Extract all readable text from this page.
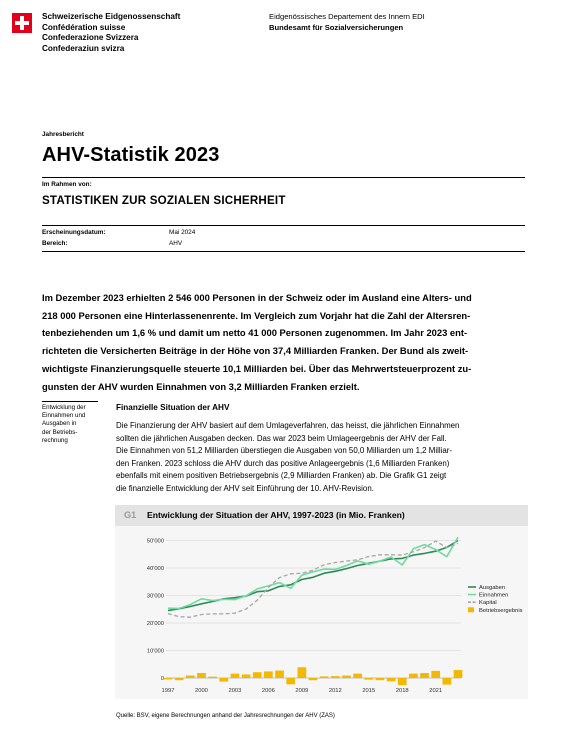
Schweizerische Eidgenossenschaft
Confédération suisse
Confederazione Svizzera
Confederaziun svizra
Eidgenössisches Departement des Innern EDI
Bundesamt für Sozialversicherungen
Jahresbericht
AHV-Statistik 2023
Im Rahmen von:
STATISTIKEN ZUR SOZIALEN SICHERHEIT
Erscheinungsdatum:	Mai 2024
Bereich:	AHV
Im Dezember 2023 erhielten 2 546 000 Personen in der Schweiz oder im Ausland eine Alters- und
218 000 Personen eine Hinterlassenenrente. Im Vergleich zum Vorjahr hat die Zahl der Altersren-
tenbeziehenden um 1,6 % und damit um netto 41 000 Personen zugenommen. Im Jahr 2023 ent-
richteten die Versicherten Beiträge in der Höhe von 37,4 Milliarden Franken. Der Bund als zweit-
wichtigste Finanzierungsquelle steuerte 10,1 Milliarden bei. Über das Mehrwertsteuerprozent zu-
gunsten der AHV wurden Einnahmen von 3,2 Milliarden Franken erzielt.
Entwicklung der
Einnahmen und
Ausgaben in
der Betriebs-
rechnung
Finanzielle Situation der AHV
Die Finanzierung der AHV basiert auf dem Umlageverfahren, das heisst, die jährlichen Einnahmen
sollten die jährlichen Ausgaben decken. Das war 2023 beim Umlageergebnis der AHV der Fall.
Die Einnahmen von 51,2 Milliarden überstiegen die Ausgaben von 50,0 Milliarden um 1,2 Milliar-
den Franken. 2023 schloss die AHV durch das positive Anlageergebnis (1,6 Milliarden Franken)
ebenfalls mit einem positiven Betriebsergebnis (2,9 Milliarden Franken) ab. Die Grafik G1 zeigt
die finanzielle Entwicklung der AHV seit Einführung der 10. AHV-Revision.
G1 Entwicklung der Situation der AHV, 1997-2023 (in Mio. Franken)
0
10'000
20'000
30'000
40'000
50'000
1997	2000	2003	2006	2009	2012	2015	2018	2021
Ausgaben
Einnahmen
Kapital
Betriebsergebnis
Quelle: BSV, eigene Berechnungen anhand der Jahresrechnungen der AHV (ZAS)
